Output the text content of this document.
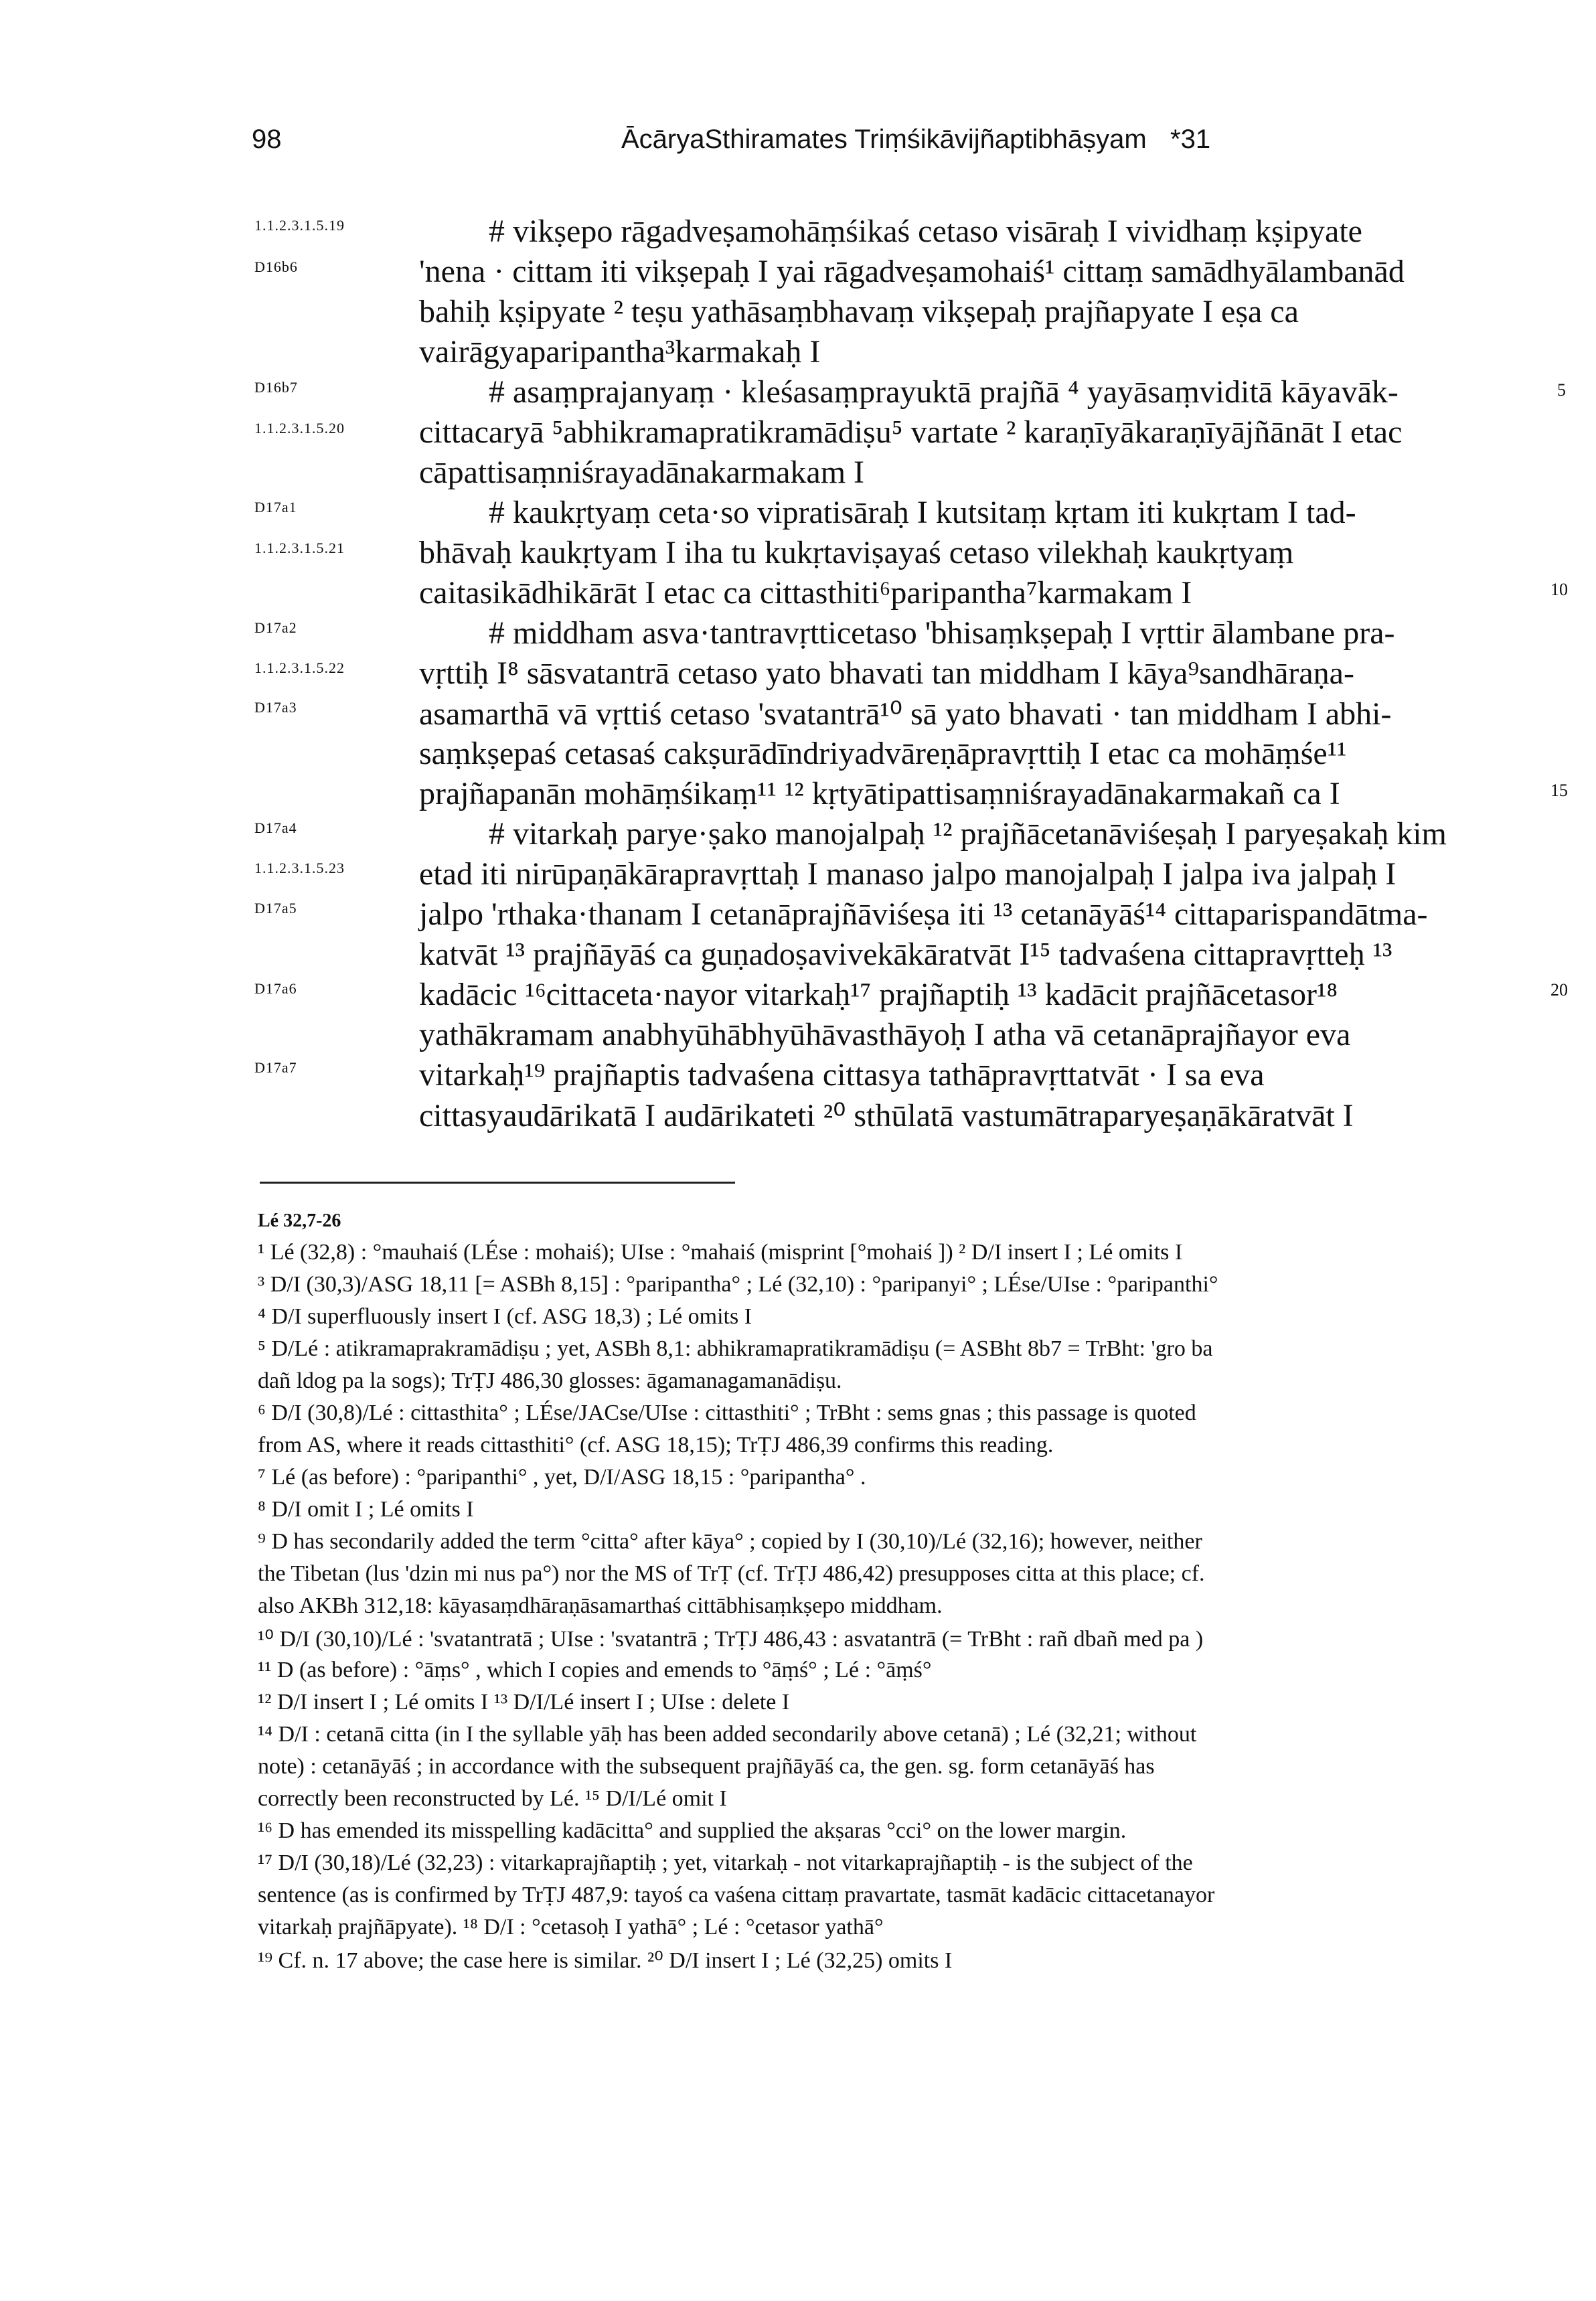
98	ĀcāryaSthiramates Triṃśikāvijñaptibhāṣyam *31
1.1.2.3.1.5.19
D16b6
D16b7
1.1.2.3.1.5.20
D17a1
1.1.2.3.1.5.21
D17a2
1.1.2.3.1.5.22
D17a3
D17a4
1.1.2.3.1.5.23
D17a5
D17a6
D17a7
# vikṣepo rāgadveṣamohāṃśikaś cetaso visāraḥ I vividhaṃ kṣipyate
'nena · cittam iti vikṣepaḥ I yai rāgadveṣamohaiś¹ cittaṃ samādhyālambanād
bahiḥ kṣipyate ² teṣu yathāsaṃbhavaṃ vikṣepaḥ prajñapyate I eṣa ca
vairāgyaparipantha³karmakaḥ I
# asaṃprajanyaṃ · kleśasaṃprayuktā prajñā ⁴ yayāsaṃviditā kāyavāk-
cittacaryā ⁵abhikramapratikramādiṣu⁵ vartate ² karaṇīyākaraṇīyājñānāt I etac
cāpattisaṃniśrayadānakarmakam I
# kaukṛtyaṃ ceta·so vipratisāraḥ I kutsitaṃ kṛtam iti kukṛtam I tad-
bhāvaḥ kaukṛtyam I iha tu kukṛtaviṣayaś cetaso vilekhaḥ kaukṛtyaṃ
caitasikādhikārāt I etac ca cittasthiti⁶paripantha⁷karmakam I
# middham asva·tantravṛtticetaso 'bhisaṃkṣepaḥ I vṛttir ālambane pra-
vṛttiḥ I⁸ sāsvatantrā cetaso yato bhavati tan middham I kāya⁹sandhāraṇa-
asamarthā vā vṛttiś cetaso 'svatantrā¹⁰ sā yato bhavati · tan middham I abhi-
saṃkṣepaś cetasaś cakṣurādīndriyadvāreṇāpravṛttiḥ I etac ca mohāṃśe¹¹
prajñapanān mohāṃśikaṃ¹¹ ¹² kṛtyātipattisaṃniśrayadānakarmakañ ca I
# vitarkaḥ parye·ṣako manojalpaḥ ¹² prajñācetanāviśeṣaḥ I paryeṣakaḥ kim
etad iti nirūpaṇākārapravṛttaḥ I manaso jalpo manojalpaḥ I jalpa iva jalpaḥ I
jalpo 'rthaka·thanam I cetanāprajñāviśeṣa iti ¹³ cetanāyāś¹⁴ cittaparispandātma-
katvāt ¹³ prajñāyāś ca guṇadoṣavivekākāratvāt I¹⁵ tadvaśena cittapravṛtteḥ ¹³
kadācic ¹⁶cittaceta·nayor vitarkaḥ¹⁷ prajñaptiḥ ¹³ kadācit prajñācetasor¹⁸
yathākramam anabhyūhābhyūhāvasthāyoḥ I atha vā cetanāprajñayor eva
vitarkaḥ¹⁹ prajñaptis tadvaśena cittasya tathāpravṛttatvāt · I sa eva
cittasyaudārikatā I audārikateti ²⁰ sthūlatā vastumātraparyeṣaṇākāratvāt I
5
10
15
20
Lé 32,7-26
¹ Lé (32,8) : °mauhaiś (LÉse : mohaiś); UIse : °mahaiś (misprint [°mohaiś ]) ² D/I insert I ; Lé omits I
³ D/I (30,3)/ASG 18,11 [= ASBh 8,15] : °paripantha° ; Lé (32,10) : °paripanyi° ; LÉse/UIse : °paripanthi°
⁴ D/I superfluously insert I (cf. ASG 18,3) ; Lé omits I
⁵ D/Lé : atikramaprakramādiṣu ; yet, ASBh 8,1: abhikramapratikramādiṣu (= ASBht 8b7 = TrBht: 'gro ba
dañ ldog pa la sogs); TrṬJ 486,30 glosses: āgamanagamanādiṣu.
⁶ D/I (30,8)/Lé : cittasthita° ; LÉse/JACse/UIse : cittasthiti° ; TrBht : sems gnas ; this passage is quoted
from AS, where it reads cittasthiti° (cf. ASG 18,15); TrṬJ 486,39 confirms this reading.
⁷ Lé (as before) : °paripanthi° , yet, D/I/ASG 18,15 : °paripantha° .
⁸ D/I omit I ; Lé omits I
⁹ D has secondarily added the term °citta° after kāya° ; copied by I (30,10)/Lé (32,16); however, neither
the Tibetan (lus 'dzin mi nus pa°) nor the MS of TrṬ (cf. TrṬJ 486,42) presupposes citta at this place; cf.
also AKBh 312,18: kāyasaṃdhāraṇāsamarthaś cittābhisaṃkṣepo middham.
¹⁰ D/I (30,10)/Lé : 'svatantratā ; UIse : 'svatantrā ; TrṬJ 486,43 : asvatantrā (= TrBht : rañ dbañ med pa )
¹¹ D (as before) : °āṃs° , which I copies and emends to °āṃś° ; Lé : °āṃś°
¹² D/I insert I ; Lé omits I ¹³ D/I/Lé insert I ; UIse : delete I
¹⁴ D/I : cetanā citta (in I the syllable yāḥ has been added secondarily above cetanā) ; Lé (32,21; without
note) : cetanāyāś ; in accordance with the subsequent prajñāyāś ca, the gen. sg. form cetanāyāś has
correctly been reconstructed by Lé. ¹⁵ D/I/Lé omit I
¹⁶ D has emended its misspelling kadācitta° and supplied the akṣaras °cci° on the lower margin.
¹⁷ D/I (30,18)/Lé (32,23) : vitarkaprajñaptiḥ ; yet, vitarkaḥ - not vitarkaprajñaptiḥ - is the subject of the
sentence (as is confirmed by TrṬJ 487,9: tayoś ca vaśena cittaṃ pravartate, tasmāt kadācic cittacetanayor
vitarkaḥ prajñāpyate). ¹⁸ D/I : °cetasoḥ I yathā° ; Lé : °cetasor yathā°
¹⁹ Cf. n. 17 above; the case here is similar. ²⁰ D/I insert I ; Lé (32,25) omits I
